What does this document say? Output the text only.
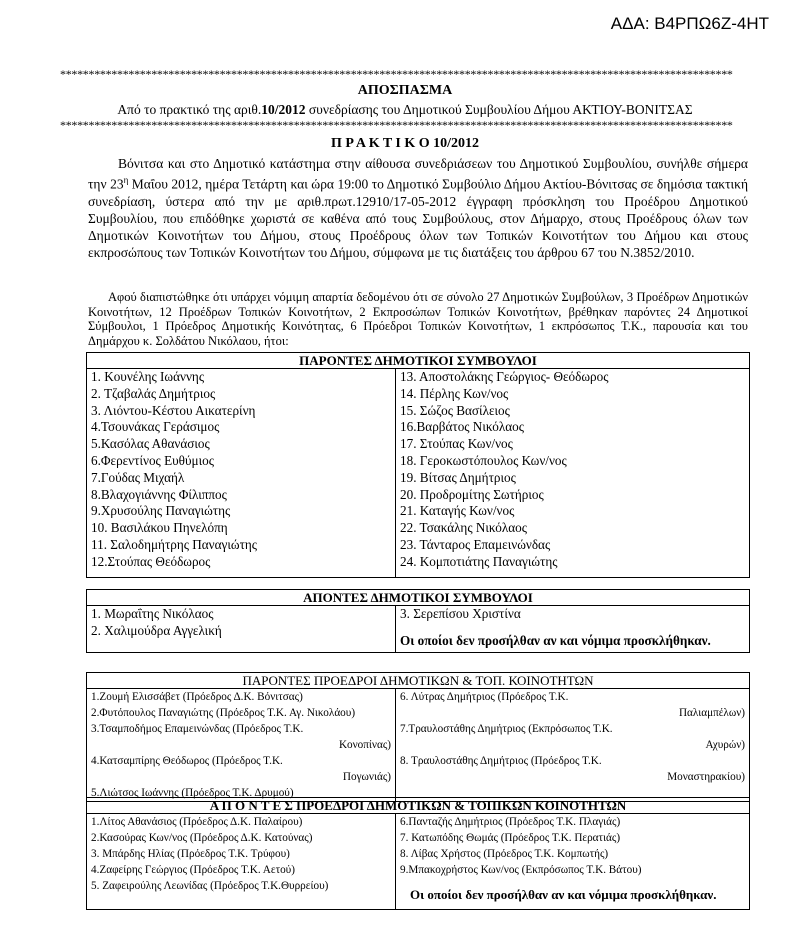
ΑΔΑ: Β4ΡΠΩ6Ζ-4ΗΤ
**********************************************************************************************************************
ΑΠΟΣΠΑΣΜΑ
Από το πρακτικό της αριθ.10/2012 συνεδρίασης του Δημοτικού Συμβουλίου Δήμου ΑΚΤΙΟΥ-ΒΟΝΙΤΣΑΣ
**********************************************************************************************************************
Π Ρ Α Κ Τ Ι Κ Ο 10/2012

Βόνιτσα και στο Δημοτικό κατάστημα στην αίθουσα συνεδριάσεων του Δημοτικού Συμβουλίου, συνήλθε σήμερα την $23^\eta$ Μαΐου 2012, ημέρα Τετάρτη και ώρα 19:00 το Δημοτικό Συμβούλιο Δήμου Ακτίου-Βόνιτσας σε δημόσια τακτική συνεδρίαση, ύστερα από την με αριθ.πρωτ.12910/17-05-2012 έγγραφη πρόσκληση του Προέδρου Δημοτικού Συμβουλίου, που επιδόθηκε χωριστά σε καθένα από τους Συμβούλους, στον Δήμαρχο, στους Προέδρους όλων των Δημοτικών Κοινοτήτων του Δήμου, στους Προέδρους όλων των Τοπικών Κοινοτήτων του Δήμου και στους εκπροσώπους των Τοπικών Κοινοτήτων του Δήμου, σύμφωνα με τις διατάξεις του άρθρου 67 του Ν.3852/2010.

Αφού διαπιστώθηκε ότι υπάρχει νόμιμη απαρτία δεδομένου ότι σε σύνολο 27 Δημοτικών Συμβούλων, 3 Προέδρων Δημοτικών Κοινοτήτων, 12 Προέδρων Τοπικών Κοινοτήτων, 2 Εκπροσώπων Τοπικών Κοινοτήτων, βρέθηκαν παρόντες 24 Δημοτικοί Σύμβουλοι, 1 Πρόεδρος Δημοτικής Κοινότητας, 6 Πρόεδροι Τοπικών Κοινοτήτων, 1 εκπρόσωπος Τ.Κ., παρουσία και του Δημάρχου κ. Σολδάτου Νικόλαου, ήτοι:

ΠΑΡΟΝΤΕΣ ΔΗΜΟΤΙΚΟΙ ΣΥΜΒΟΥΛΟΙ

1. Κουνέλης Ιωάννης
2. Τζαβαλάς Δημήτριος
3. Λιόντου-Κέστου Αικατερίνη
4.Τσουνάκας Γεράσιμος
5.Κασόλας Αθανάσιος
6.Φερεντίνος Ευθύμιος
7.Γούδας Μιχαήλ
8.Βλαχογιάννης Φίλιππος
9.Χρυσούλης Παναγιώτης
10. Βασιλάκου Πηνελόπη
11. Σαλοδημήτρης Παναγιώτης
12.Στούπας Θεόδωρος

13. Αποστολάκης Γεώργιος- Θεόδωρος
14. Πέρλης Κων/νος
15. Σώζος Βασίλειος
16.Βαρβάτος Νικόλαος
17. Στούπας Κων/νος
18. Γεροκωστόπουλος Κων/νος
19. Βίτσας Δημήτριος
20. Προδρομίτης Σωτήριος
21. Καταγής Κων/νος
22. Τσακάλης Νικόλαος
23. Τάνταρος Επαμεινώνδας
24. Κομποτιάτης Παναγιώτης
ΑΠΟΝΤΕΣ ΔΗΜΟΤΙΚΟΙ ΣΥΜΒΟΥΛΟΙ

1. Μωραΐτης Νικόλαος
2. Χαλιμούδρα Αγγελική

3. Σερεπίσου Χριστίνα
Οι οποίοι δεν προσήλθαν αν και νόμιμα προσκλήθηκαν.
ΠΑΡΟΝΤΕΣ ΠΡΟΕΔΡΟΙ ΔΗΜΟΤΙΚΩΝ & ΤΟΠ. ΚΟΙΝΟΤΗΤΩΝ

1.Ζουμή Ελισσάβετ (Πρόεδρος Δ.Κ. Βόνιτσας)
2.Φυτόπουλος Παναγιώτης (Πρόεδρος Τ.Κ. Αγ. Νικολάου)
3.Τσαμποδήμος Επαμεινώνδας (Πρόεδρος Τ.Κ.
Κονοπίνας)
4.Κατσαμπίρης Θεόδωρος (Πρόεδρος Τ.Κ.
Πογωνιάς)
5.Λιώτσος Ιωάννης (Πρόεδρος Τ.Κ. Δρυμού)

6. Λύτρας Δημήτριος (Πρόεδρος Τ.Κ.
Παλιαμπέλων)
7.Τραυλοστάθης Δημήτριος (Εκπρόσωπος Τ.Κ.
Αχυρών)
8. Τραυλοστάθης Δημήτριος (Πρόεδρος Τ.Κ.
Μοναστηρακίου)
Α Π Ο Ν Τ Ε Σ ΠΡΟΕΔΡΟΙ ΔΗΜΟΤΙΚΩΝ & ΤΟΠΙΚΩΝ ΚΟΙΝΟΤΗΤΩΝ

1.Λίτος Αθανάσιος (Πρόεδρος Δ.Κ. Παλαίρου)
2.Κασούρας Κων/νος (Πρόεδρος Δ.Κ. Κατούνας)
3. Μπάρδης Ηλίας (Πρόεδρος Τ.Κ. Τρύφου)
4.Ζαφείρης Γεώργιος (Πρόεδρος Τ.Κ. Αετού)
5. Ζαφειρούλης Λεωνίδας (Πρόεδρος Τ.Κ.Θυρρείου)

6.Πανταζής Δημήτριος (Πρόεδρος Τ.Κ. Πλαγιάς)
7. Κατωπόδης Θωμάς (Πρόεδρος Τ.Κ. Περατιάς)
8. Λίβας Χρήστος (Πρόεδρος Τ.Κ. Κομπωτής)
9.Μπακοχρήστος Κων/νος (Εκπρόσωπος Τ.Κ. Βάτου)
Οι οποίοι δεν προσήλθαν αν και νόμιμα προσκλήθηκαν.
